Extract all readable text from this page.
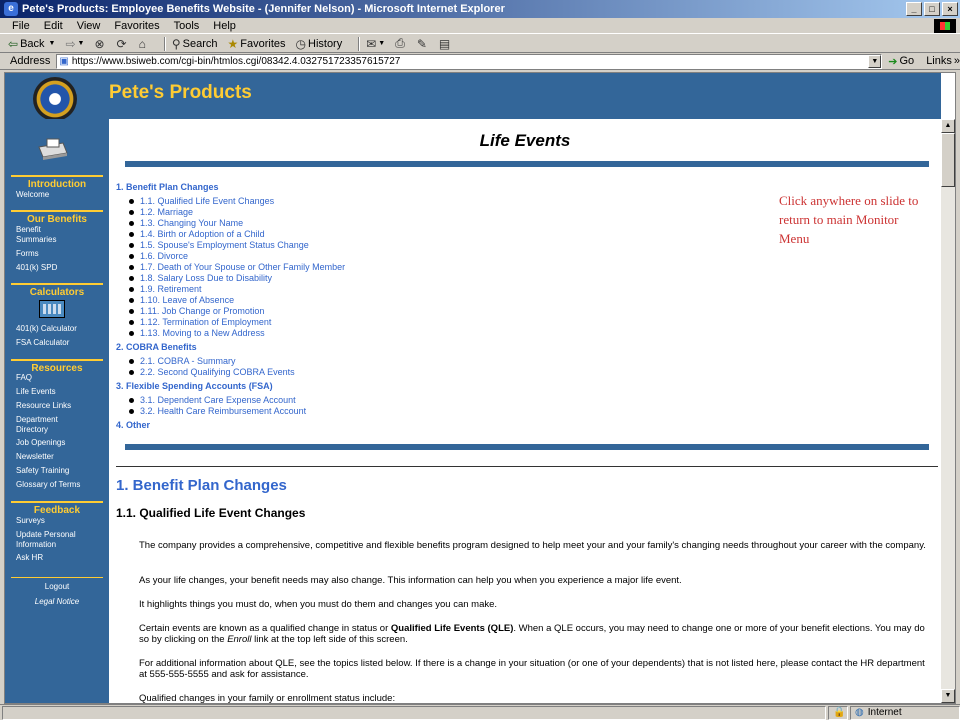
e Pete's Products: Employee Benefits Website - (Jennifer Nelson) - Microsoft Internet Explorer	_	□	×
File Edit View Favorites Tools Help
⇦ Back ▼ ⇨ ▼ ⊗ ⟳ ⌂ ⚲ Search ★ Favorites ◷ History ✉ ▼ ⎙ ✎ ▤
Address ▣ https://www.bsiweb.com/cgi-bin/htmlos.cgi/08342.4.032751723357615727	▼ ➔ Go Links »
Pete's Products
Introduction
Welcome
Our Benefits
Benefit Summaries
Forms
401(k) SPD
Calculators
401(k) Calculator
FSA Calculator
Resources
FAQ
Life Events
Resource Links
Department Directory
Job Openings
Newsletter
Safety Training
Glossary of Terms
Feedback
Surveys
Update Personal Information
Ask HR
Logout
Legal Notice
Life Events
1. Benefit Plan Changes
1.1. Qualified Life Event Changes
1.2. Marriage
1.3. Changing Your Name
1.4. Birth or Adoption of a Child
1.5. Spouse's Employment Status Change
1.6. Divorce
1.7. Death of Your Spouse or Other Family Member
1.8. Salary Loss Due to Disability
1.9. Retirement
1.10. Leave of Absence
1.11. Job Change or Promotion
1.12. Termination of Employment
1.13. Moving to a New Address
2. COBRA Benefits
2.1. COBRA - Summary
2.2. Second Qualifying COBRA Events
3. Flexible Spending Accounts (FSA)
3.1. Dependent Care Expense Account
3.2. Health Care Reimbursement Account
4. Other
1. Benefit Plan Changes
1.1. Qualified Life Event Changes
The company provides a comprehensive, competitive and flexible benefits program designed to help meet your and your family's changing needs throughout your career with the company.
As your life changes, your benefit needs may also change. This information can help you when you experience a major life event.
It highlights things you must do, when you must do them and changes you can make.
Certain events are known as a qualified change in status or Qualified Life Events (QLE). When a QLE occurs, you may need to change one or more of your benefit elections. You may do so by clicking on the Enroll link at the top left side of this screen.
For additional information about QLE, see the topics listed below. If there is a change in your situation (or one of your dependents) that is not listed here, please contact the HR department at 555-555-5555 and ask for assistance.
Qualified changes in your family or enrollment status include:
Click anywhere on slide to return to main Monitor Menu
▲
▼
🔒 ◍ Internet
